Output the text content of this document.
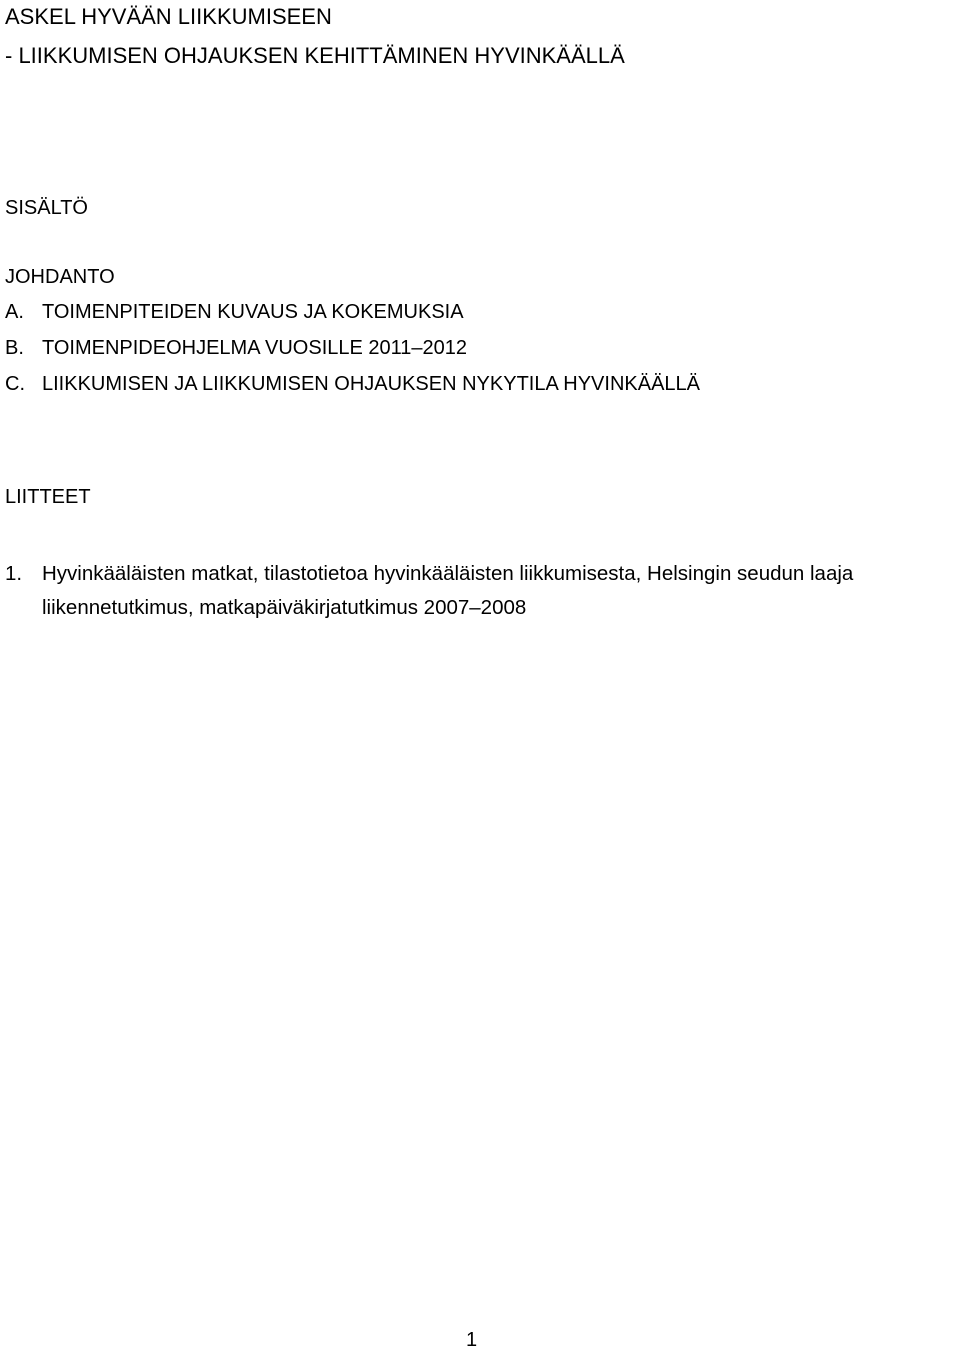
ASKEL HYVÄÄN LIIKKUMISEEN
- LIIKKUMISEN OHJAUKSEN KEHITTÄMINEN HYVINKÄÄLLÄ
SISÄLTÖ
JOHDANTO
A. TOIMENPITEIDEN KUVAUS JA KOKEMUKSIA
B. TOIMENPIDEOHJELMA VUOSILLE 2011–2012
C. LIIKKUMISEN JA LIIKKUMISEN OHJAUKSEN NYKYTILA HYVINKÄÄLLÄ
LIITTEET
1. Hyvinkääläisten matkat, tilastotietoa hyvinkääläisten liikkumisesta, Helsingin seudun laaja
liikennetutkimus, matkapäiväkirjatutkimus 2007–2008
1
